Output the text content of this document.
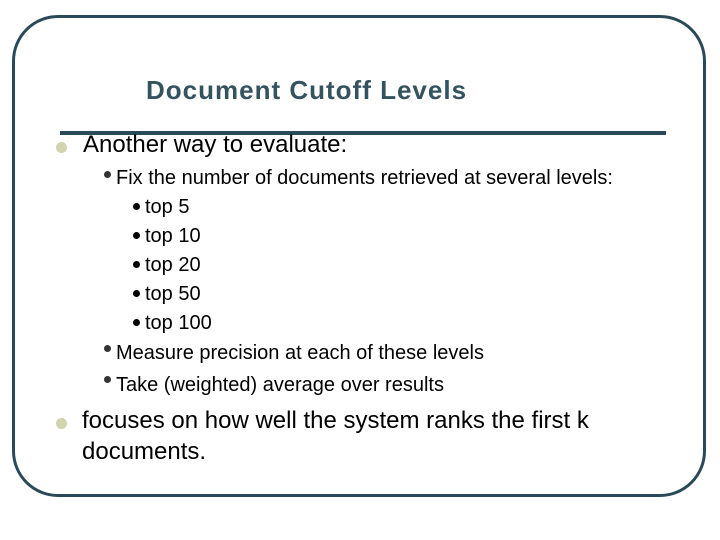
Document Cutoff Levels
Another way to evaluate:
Fix the number of documents retrieved at several levels:
top 5
top 10
top 20
top 50
top 100
Measure precision at each of these levels
Take (weighted) average over results
focuses on how well the system ranks the first k documents.
